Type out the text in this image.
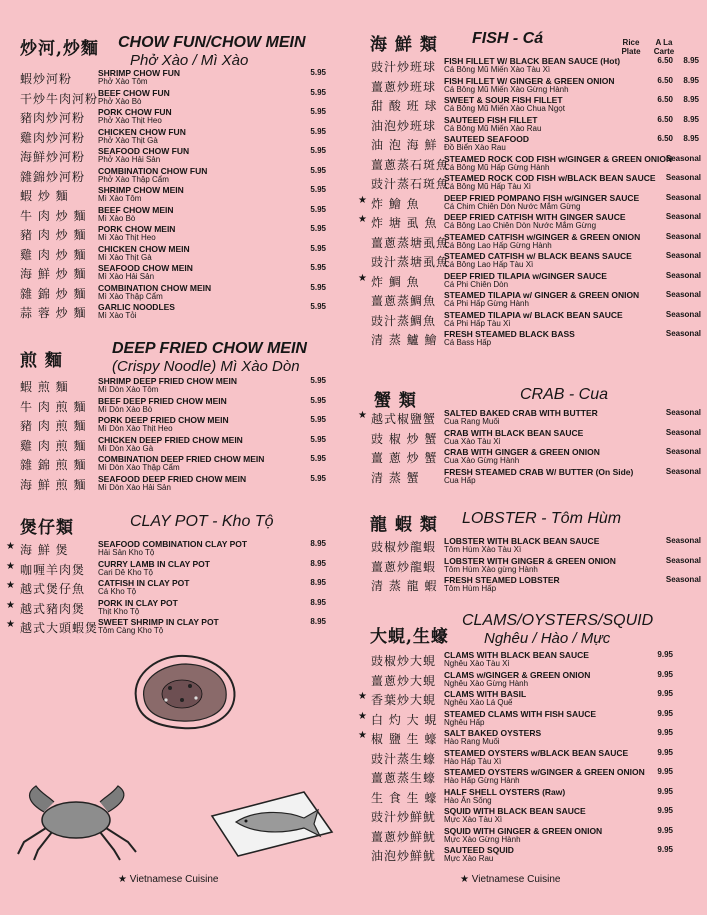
炒河,炒麵 CHOW FUN/CHOW MEIN
Phở Xào / Mì Xào
蝦炒河粉	SHRIMP CHOW FUN
Phở Xào Tôm
5.95
干炒牛肉河粉 BEEF CHOW FUN
Phở Xào Bò
5.95
豬肉炒河粉 PORK CHOW FUN
Phở Xào Thịt Heo
5.95
雞肉炒河粉 CHICKEN CHOW FUN
Phở Xào Thịt Gà
5.95
海鮮炒河粉 SEAFOOD CHOW FUN
Phở Xào Hải Sản
5.95
雜錦炒河粉 COMBINATION CHOW FUN
Phở Xào Thập Cẩm
5.95
蝦 炒 麵	SHRIMP CHOW MEIN
Mì Xào Tôm
5.95
牛 肉 炒 麵 BEEF CHOW MEIN
Mì Xào Bò
5.95
豬 肉 炒 麵 PORK CHOW MEIN
Mì Xào Thịt Heo
5.95
雞 肉 炒 麵 CHICKEN CHOW MEIN
Mì Xào Thịt Gà
5.95
海 鮮 炒 麵 SEAFOOD CHOW MEIN
Mì Xào Hải Sản
5.95
雜 錦 炒 麵 COMBINATION CHOW MEIN
Mì Xào Thập Cẩm
5.95
蒜 蓉 炒 麵 GARLIC NOODLES
Mì Xào Tỏi
5.95
煎 麵
DEEP FRIED CHOW MEIN
(Crispy Noodle) Mì Xào Dòn
蝦 煎 麵	SHRIMP DEEP FRIED CHOW MEIN
Mì Dòn Xào Tôm
5.95
牛 肉 煎 麵 BEEF DEEP FRIED CHOW MEIN
Mì Dòn Xào Bò
5.95
豬 肉 煎 麵 PORK DEEP FRIED CHOW MEIN
Mì Dòn Xào Thịt Heo
5.95
雞 肉 煎 麵 CHICKEN DEEP FRIED CHOW MEIN
Mì Dòn Xào Gà
5.95
雜 錦 煎 麵 COMBINATION DEEP FRIED CHOW MEIN
Mì Dòn Xào Thập Cẩm
5.95
海 鮮 煎 麵 SEAFOOD DEEP FRIED CHOW MEIN
Mì Dòn Xào Hải Sản
5.95
煲仔類	CLAY POT - Kho Tộ
★ 海 鮮 煲	SEAFOOD COMBINATION CLAY POT
Hải Sản Kho Tộ
8.95
★ 咖喱羊肉煲 CURRY LAMB IN CLAY POT
Cari Dê Kho Tộ
8.95
★ 越式煲仔魚 CATFISH IN CLAY POT
Cá Kho Tộ
8.95
★ 越式豬肉煲 PORK IN CLAY POT
Thịt Kho Tộ
8.95
★ 越式大頭蝦煲 SWEET SHRIMP IN CLAY POT
Tôm Càng Kho Tộ
8.95
★ Vietnamese Cuisine
海 鮮 類 FISH - Cá	Rice Plate
A La Carte
豉汁炒班球 FISH FILLET W/ BLACK BEAN SAUCE (Hot)
Cá Bông Mũ Miến Xào Tàu Xì
6.50 8.95
薑蔥炒班球 FISH FILLET W/ GINGER & GREEN ONION
Cá Bông Mũ Miến Xào Gừng Hành
6.50 8.95
甜 酸 班 球 SWEET & SOUR FISH FILLET
Cá Bông Mũ Miến Xào Chua Ngọt
6.50 8.95
油泡炒班球 SAUTEED FISH FILLET
Cá Bông Mũ Miến Xào Rau
6.50 8.95
油 泡 海 鮮 SAUTEED SEAFOOD
Đồ Biển Xào Rau
6.50 8.95
薑蔥蒸石斑魚
STEAMED ROCK COD FISH w/GINGER & GREEN ONION
Cá Bông Mũ Hấp Gừng Hành
Seasonal
豉汁蒸石斑魚
STEAMED ROCK COD FISH w/BLACK BEAN SAUCE
Cá Bông Mũ Hấp Tàu Xì
Seasonal
★ 炸 鱠 魚	DEEP FRIED POMPANO FISH w/GINGER SAUCE
Cá Chim Chiên Dòn Nước Mắm Gừng
Seasonal
★ 炸 塘 虱 魚 DEEP FRIED CATFISH WITH GINGER SAUCE
Cá Bông Lao Chiên Dòn Nước Mắm Gừng
Seasonal
薑蔥蒸塘虱魚
STEAMED CATFISH w/GINGER & GREEN ONION
Cá Bông Lao Hấp Gừng Hành
Seasonal
豉汁蒸塘虱魚
STEAMED CATFISH w/ BLACK BEANS SAUCE
Cá Bông Lao Hấp Tàu Xì
Seasonal
★ 炸 鯛 魚	DEEP FRIED TILAPIA w/GINGER SAUCE
Cá Phi Chiên Dòn
Seasonal
薑蔥蒸鯛魚 STEAMED TILAPIA w/ GINGER & GREEN ONION
Cá Phi Hấp Gừng Hành
Seasonal
豉汁蒸鯛魚 STEAMED TILAPIA w/ BLACK BEAN SAUCE
Cá Phi Hấp Tàu Xì
Seasonal
清 蒸 鱸 鱠 FRESH STEAMED BLACK BASS
Cá Bass Hấp
Seasonal
蟹 類	CRAB - Cua
★ 越式椒鹽蟹 SALTED BAKED CRAB WITH BUTTER
Cua Rang Muối
Seasonal
豉 椒 炒 蟹 CRAB WITH BLACK BEAN SAUCE
Cua Xào Tàu Xì
Seasonal
薑 蔥 炒 蟹 CRAB WITH GINGER & GREEN ONION
Cua Xào Gừng Hành
Seasonal
清 蒸 蟹	FRESH STEAMED CRAB W/ BUTTER (On Side)
Cua Hấp
Seasonal
龍 蝦 類 LOBSTER - Tôm Hùm
豉椒炒龍蝦 LOBSTER WITH BLACK BEAN SAUCE
Tôm Hùm Xào Tàu Xì
Seasonal
薑蔥炒龍蝦 LOBSTER WITH GINGER & GREEN ONION
Tôm Hùm Xào gừng Hành
Seasonal
清 蒸 龍 蝦 FRESH STEAMED LOBSTER
Tôm Hùm Hấp
Seasonal
大蜆,生蠔
CLAMS/OYSTERS/SQUID
Nghêu / Hào / Mực
豉椒炒大蜆 CLAMS WITH BLACK BEAN SAUCE
Nghêu Xào Tàu Xì
9.95
薑蔥炒大蜆 CLAMS w/GINGER & GREEN ONION
Nghêu Xào Gừng Hành
9.95
★ 香葉炒大蜆 CLAMS WITH BASIL
Nghêu Xào Lá Quế
9.95
★ 白 灼 大 蜆 STEAMED CLAMS WITH FISH SAUCE
Nghêu Hấp
9.95
★ 椒 鹽 生 蠔 SALT BAKED OYSTERS
Hào Rang Muối
9.95
豉汁蒸生蠔 STEAMED OYSTERS w/BLACK BEAN SAUCE
Hào Hấp Tàu Xì
9.95
薑蔥蒸生蠔 STEAMED OYSTERS w/GINGER & GREEN ONION
Hào Hấp Gừng Hành
9.95
生 食 生 蠔 HALF SHELL OYSTERS (Raw)
Hào Ăn Sống
9.95
豉汁炒鮮魷 SQUID WITH BLACK BEAN SAUCE
Mực Xào Tàu Xì
9.95
薑蔥炒鮮魷 SQUID WITH GINGER & GREEN ONION
Mực Xào Gừng Hành
9.95
油泡炒鮮魷 SAUTEED SQUID
Mực Xào Rau
9.95
★ Vietnamese Cuisine
